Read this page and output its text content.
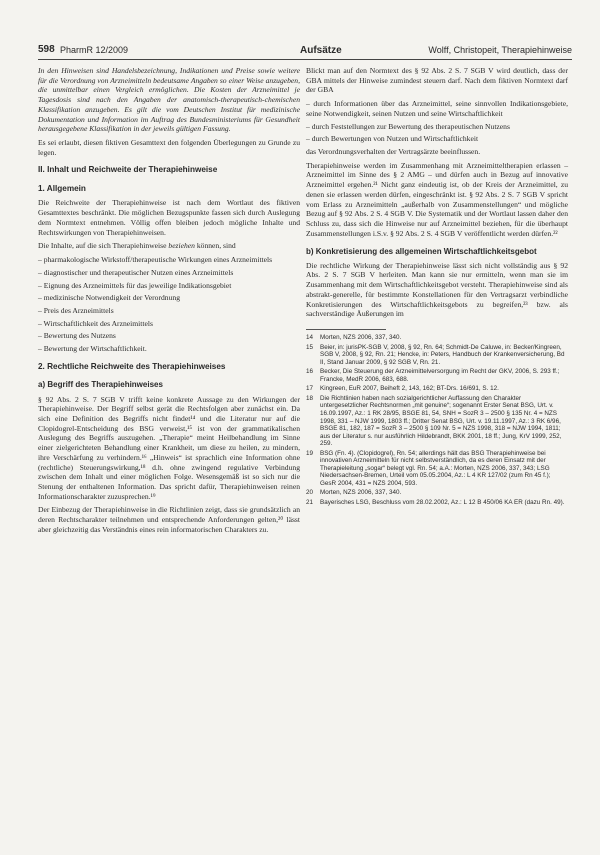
598 PharmR 12/2009	Aufsätze	Wolff, Christopeit, Therapiehinweise

In den Hinweisen sind Handelsbezeichnung, Indikationen und Preise sowie weitere für die Verordnung von Arzneimitteln bedeutsame Angaben so einer Weise anzugeben, die unmittelbar einen Vergleich ermöglichen. Die Kosten der Arzneimittel je Tagesdosis sind nach den Angaben der anatomisch-therapeutisch-chemischen Klassifikation anzugeben. Es gilt die vom Deutschen Institut für medizinische Dokumentation und Information im Auftrag des Bundesministeriums für Gesundheit herausgegebene Klassifikation in der jeweils gültigen Fassung.

Es sei erlaubt, diesen fiktiven Gesamttext den folgenden Überlegungen zu Grunde zu legen.

II. Inhalt und Reichweite der Therapiehinweise
1. Allgemein

Die Reichweite der Therapiehinweise ist nach dem Wortlaut des fiktiven Gesamttextes beschränkt. Die möglichen Bezugspunkte fassen sich durch Auslegung dem Normtext entnehmen. Völlig offen bleiben jedoch mögliche Inhalte und Rechtswirkungen von Therapiehinweisen.

Die Inhalte, auf die sich Therapiehinweise beziehen können, sind

– pharmakologische Wirkstoff/therapeutische Wirkungen eines Arzneimittels
– diagnostischer und therapeutischer Nutzen eines Arzneimittels
– Eignung des Arzneimittels für das jeweilige Indikationsgebiet
– medizinische Notwendigkeit der Verordnung
– Preis des Arzneimittels
– Wirtschaftlichkeit des Arzneimittels
– Bewertung des Nutzens
– Bewertung der Wirtschaftlichkeit.
2. Rechtliche Reichweite des Therapiehinweises
a) Begriff des Therapiehinweises

§ 92 Abs. 2 S. 7 SGB V trifft keine konkrete Aussage zu den Wirkungen der Therapiehinweise. Der Begriff selbst gerät die Rechtsfolgen aber zunächst ein. Da sich eine Definition des Begriffs nicht findet¹⁴ und die Literatur nur auf die Clopidogrel-Entscheidung des BSG verweist,¹⁵ ist von der grammatikalischen Auslegung des Begriffs auszugehen. „Therapie“ meint Heilbehandlung im Sinne einer zielgerichteten Behandlung einer Krankheit, um diese zu heilen, zu mindern, ihre Verschärfung zu verhindern.¹⁶ „Hinweis“ ist sprachlich eine Information ohne (rechtliche) Steuerungswirkung,¹⁸ d.h. ohne zwingend regulative Verbindung zwischen dem Inhalt und einer möglichen Folge. Wesensgemäß ist so sich nur die Stenung der enthaltenen Information. Das spricht dafür, Therapiehinweisen reinen Informationscharakter zuzusprechen.¹⁹

Der Einbezug der Therapiehinweise in die Richtlinien zeigt, dass sie grundsätzlich an deren Rechtscharakter teilnehmen und entsprechende Anforderungen gelten,²⁰ lässt aber gleichzeitig das Verständnis eines rein informatorischen Charakters zu.

Blickt man auf den Normtext des § 92 Abs. 2 S. 7 SGB V wird deutlich, dass der GBA mittels der Hinweise zumindest steuern darf. Nach dem fiktiven Normtext darf der GBA

– durch Informationen über das Arzneimittel, seine sinnvollen Indikationsgebiete, seine Notwendigkeit, seinen Nutzen und seine Wirtschaftlichkeit
– durch Feststellungen zur Bewertung des therapeutischen Nutzens
– durch Bewertungen von Nutzen und Wirtschaftlichkeit

das Verordnungsverhalten der Vertragsärzte beeinflussen.

Therapiehinweise werden im Zusammenhang mit Arzneimitteltherapien erlassen – Arzneimittel im Sinne des § 2 AMG – und dürfen auch in Bezug auf innovative Arzneimittel ergehen.²¹ Nicht ganz eindeutig ist, ob der Kreis der Arzneimittel, zu denen sie erlassen werden dürfen, eingeschränkt ist. § 92 Abs. 2 S. 7 SGB V spricht vom Erlass zu Arzneimitteln „außerhalb von Zusammenstellungen“ und mögliche Bezug auf § 92 Abs. 2 S. 4 SGB V. Die Systematik und der Wortlaut lassen daher den Schluss zu, dass sich die Hinweise nur auf Arzneimittel beziehen, für die überhaupt Zusammenstellungen i.S.v. § 92 Abs. 2 S. 4 SGB V veröffentlicht werden dürfen.²²

b) Konkretisierung des allgemeinen Wirtschaftlichkeitsgebot

Die rechtliche Wirkung der Therapiehinweise lässt sich nicht vollständig aus § 92 Abs. 2 S. 7 SGB V herleiten. Man kann sie nur ermitteln, wenn man sie im Zusammenhang mit dem Wirtschaftlichkeitsgebot versteht. Therapiehinweise sind als abstrakt-generelle, für bestimmte Konstellationen für den Vertragsarzt verbindliche Konkretisierungen des Wirtschaftlichkeitsgebots zu begreifen,²³ bzw. als sachverständige Äußerungen im

14	Morten, NZS 2006, 337, 340.
15	Beier, in: jurisPK-SGB V, 2008, § 92, Rn. 64; Schmidt-De Caluwe, in: Becker/Kingreen, SGB V, 2008, § 92, Rn. 21; Hencke, in: Peters, Handbuch der Krankenversicherung, Bd II, Stand Januar 2009, § 92 SGB V, Rn. 21.
16	Becker, Die Steuerung der Arzneimittelversorgung im Recht der GKV, 2006, S. 293 ff.; Francke, MedR 2006, 683, 688.
17	Kingreen, EuR 2007, Beiheft 2, 143, 162; BT-Drs. 16/691, S. 12.
18	Die Richtlinien haben nach sozialgerichtlicher Auffassung den Charakter untergesetzlicher Rechtsnormen „mit genuine“; sogenannt Erster Senat BSG, Urt. v. 16.09.1997, Az.: 1 RK 28/95, BSGE 81, 54, SNH = SozR 3 – 2500 § 135 Nr. 4 = NZS 1998, 331 – NJW 1999, 1803 ff.; Dritter Senat BSG, Urt. v. 19.11.1997, Az.: 3 RK 6/96, BSGE 81, 182, 187 = SozR 3 – 2500 § 109 Nr. 5 = NZS 1998, 318 = NJW 1994, 1811; aus der Literatur s. nur ausführlich Hildebrandt, BKK 2001, 18 ff.; Jung, KrV 1999, 252, 259.
19	BSG (Fn. 4). (Clopidogrel), Rn. 54; allerdings hält das BSG Therapiehinweise bei innovativen Arzneimitteln für nicht selbstverständlich, da es deren Einsatz mit der Therapieleitung „sogar“ belegt vgl. Rn. 54; a.A.: Morten, NZS 2006, 337, 343; LSG Niedersachsen-Bremen, Urteil vom 05.05.2004, Az.: L 4 KR 127/02 (zum Rn 45 f.); GesR 2004, 431 = NZS 2004, 593.
20	Morten, NZS 2006, 337, 340.
21	Bayerisches LSG, Beschluss vom 28.02.2002, Az.: L 12 B 450/06 KA ER (dazu Rn. 49).
